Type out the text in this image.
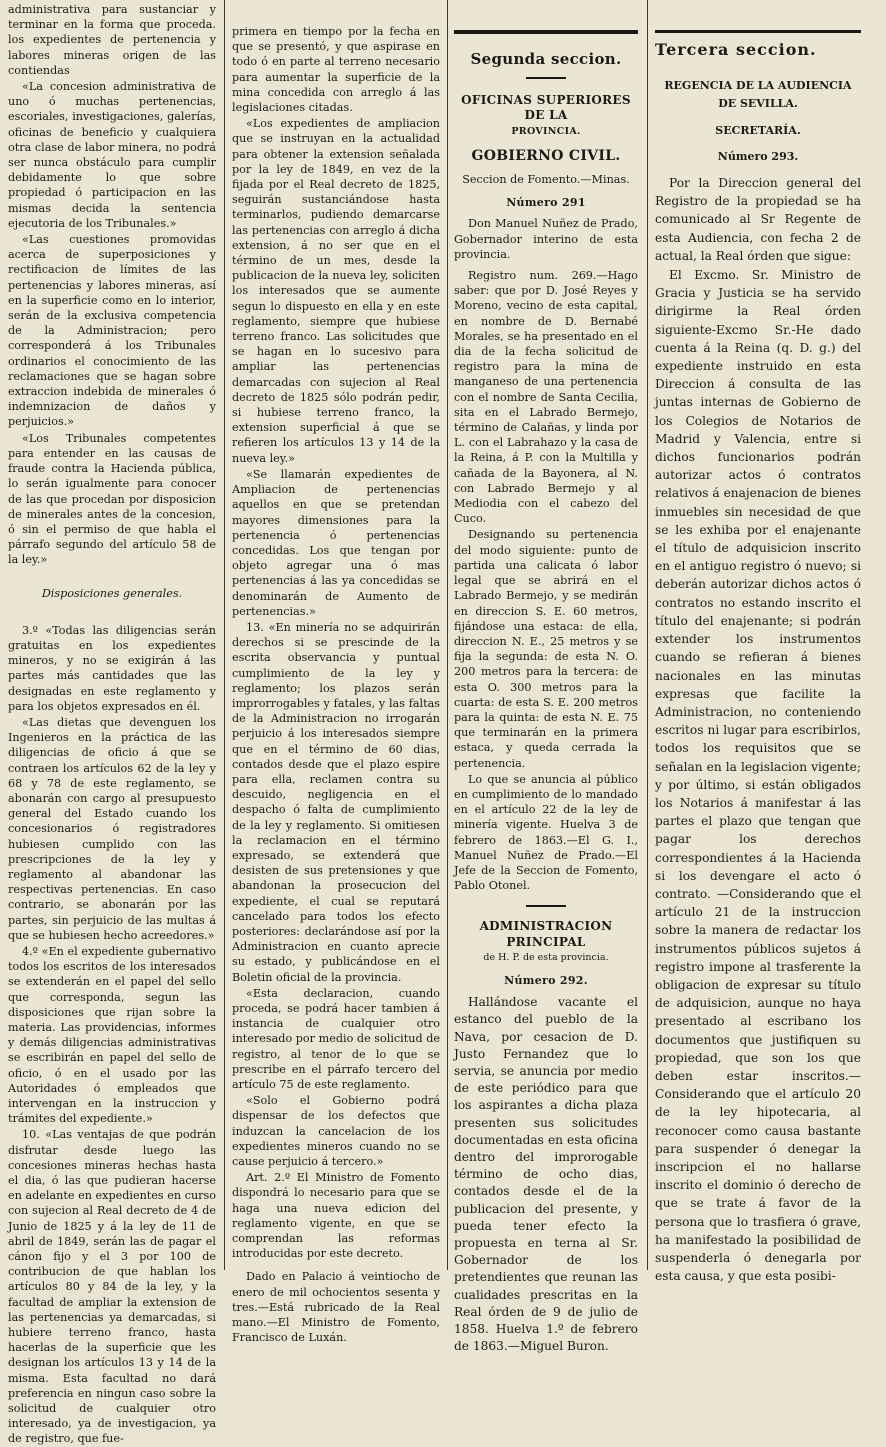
administrativa para sustanciar y terminar en la forma que proceda. los expedientes de pertenencia y labores mineras origen de las contiendas

«La concesion administrativa de uno ó muchas pertenencias, escoriales, investigaciones, galerías, oficinas de beneficio y cualquiera otra clase de labor minera, no podrá ser nunca obstáculo para cumplir debidamente lo que sobre propiedad ó participacion en las mismas decida la sentencia ejecutoria de los Tribunales.»

«Las cuestiones promovidas acerca de superposiciones y rectificacion de límites de las pertenencias y labores mineras, así en la superficie como en lo interior, serán de la exclusiva competencia de la Administracion; pero corresponderá á los Tribunales ordinarios el conocimiento de las reclamaciones que se hagan sobre extraccion indebida de minerales ó indemnizacion de daños y perjuicios.»

«Los Tribunales competentes para entender en las causas de fraude contra la Hacienda pública, lo serán igualmente para conocer de las que procedan por disposicion de minerales antes de la concesion, ó sin el permiso de que habla el párrafo segundo del artículo 58 de la ley.»

Disposiciones generales.

3.º «Todas las diligencias serán gratuitas en los expedientes mineros, y no se exigirán á las partes más cantidades que las designadas en este reglamento y para los objetos expresados en él.

«Las dietas que devenguen los Ingenieros en la práctica de las diligencias de oficio á que se contraen los artículos 62 de la ley y 68 y 78 de este reglamento, se abonarán con cargo al presupuesto general del Estado cuando los concesionarios ó registradores hubiesen cumplido con las prescripciones de la ley y reglamento al abandonar las respectivas pertenencias. En caso contrario, se abonarán por las partes, sin perjuicio de las multas á que se hubiesen hecho acreedores.»

4.º «En el expediente gubernativo todos los escritos de los interesados se extenderán en el papel del sello que corresponda, segun las disposiciones que rijan sobre la materia. Las providencias, informes y demás diligencias administrativas se escribirán en papel del sello de oficio, ó en el usado por las Autoridades ó empleados que intervengan en la instruccion y trámites del expediente.»

10. «Las ventajas de que podrán disfrutar desde luego las concesiones mineras hechas hasta el dia, ó las que pudieran hacerse en adelante en expedientes en curso con sujecion al Real decreto de 4 de Junio de 1825 y á la ley de 11 de abril de 1849, serán las de pagar el cánon fijo y el 3 por 100 de contribucion de que hablan los artículos 80 y 84 de la ley, y la facultad de ampliar la extension de las pertenencias ya demarcadas, si hubiere terreno franco, hasta hacerlas de la superficie que les designan los artículos 13 y 14 de la misma. Esta facultad no dará preferencia en ningun caso sobre la solicitud de cualquier otro interesado, ya de investigacion, ya de registro, que fue-

primera en tiempo por la fecha en que se presentó, y que aspirase en todo ó en parte al terreno necesario para aumentar la superficie de la mina concedida con arreglo á las legislaciones citadas.

«Los expedientes de ampliacion que se instruyan en la actualidad para obtener la extension señalada por la ley de 1849, en vez de la fijada por el Real decreto de 1825, seguirán sustanciándose hasta terminarlos, pudiendo demarcarse las pertenencias con arreglo á dicha extension, á no ser que en el término de un mes, desde la publicacion de la nueva ley, soliciten los interesados que se aumente segun lo dispuesto en ella y en este reglamento, siempre que hubiese terreno franco. Las solicitudes que se hagan en lo sucesivo para ampliar las pertenencias demarcadas con sujecion al Real decreto de 1825 sólo podrán pedir, si hubiese terreno franco, la extension superficial á que se refieren los artículos 13 y 14 de la nueva ley.»

«Se llamarán expedientes de Ampliacion de pertenencias aquellos en que se pretendan mayores dimensiones para la pertenencia ó pertenencias concedidas. Los que tengan por objeto agregar una ó mas pertenencias á las ya concedidas se denominarán de Aumento de pertenencias.»

13. «En minería no se adquirirán derechos si se prescinde de la escrita observancia y puntual cumplimiento de la ley y reglamento; los plazos serán improrrogables y fatales, y las faltas de la Administracion no irrogarán perjuicio á los interesados siempre que en el término de 60 dias, contados desde que el plazo espire para ella, reclamen contra su descuido, negligencia en el despacho ó falta de cumplimiento de la ley y reglamento. Si omitiesen la reclamacion en el término expresado, se extenderá que desisten de sus pretensiones y que abandonan la prosecucion del expediente, el cual se reputará cancelado para todos los efecto posteriores: declarándose así por la Administracion en cuanto aprecie su estado, y publicándose en el Boletin oficial de la provincia.

«Esta declaracion, cuando proceda, se podrá hacer tambien á instancia de cualquier otro interesado por medio de solicitud de registro, al tenor de lo que se prescribe en el párrafo tercero del artículo 75 de este reglamento.

«Solo el Gobierno podrá dispensar de los defectos que induzcan la cancelacion de los expedientes mineros cuando no se cause perjuicio á tercero.»

Art. 2.º El Ministro de Fomento dispondrá lo necesario para que se haga una nueva edicion del reglamento vigente, en que se comprendan las reformas introducidas por este decreto.

Dado en Palacio á veintiocho de enero de mil ochocientos sesenta y tres.—Está rubricado de la Real mano.—El Ministro de Fomento, Francisco de Luxán.

Segunda seccion.

OFICINAS SUPERIORES DE LA

PROVINCIA.

GOBIERNO CIVIL.

Seccion de Fomento.—Minas.

Número 291

Don Manuel Nuñez de Prado, Gobernador interino de esta provincia.

Registro num. 269.—Hago saber: que por D. José Reyes y Moreno, vecino de esta capital, en nombre de D. Bernabé Morales, se ha presentado en el dia de la fecha solicitud de registro para la mina de manganeso de una pertenencia con el nombre de Santa Cecilia, sita en el Labrado Bermejo, término de Calañas, y linda por L. con el Labrahazo y la casa de la Reina, á P. con la Multilla y cañada de la Bayonera, al N. con Labrado Bermejo y al Mediodia con el cabezo del Cuco.

Designando su pertenencia del modo siguiente: punto de partida una calicata ó labor legal que se abrirá en el Labrado Bermejo, y se medirán en direccion S. E. 60 metros, fijándose una estaca: de ella, direccion N. E., 25 metros y se fija la segunda: de esta N. O. 200 metros para la tercera: de esta O. 300 metros para la cuarta: de esta S. E. 200 metros para la quinta: de esta N. E. 75 que terminarán en la primera estaca, y queda cerrada la pertenencia.

Lo que se anuncia al público en cumplimiento de lo mandado en el artículo 22 de la ley de minería vigente. Huelva 3 de febrero de 1863.—El G. I., Manuel Nuñez de Prado.—El Jefe de la Seccion de Fomento, Pablo Otonel.

ADMINISTRACION PRINCIPAL

de H. P. de esta provincia.

Número 292.

Hallándose vacante el estanco del pueblo de la Nava, por cesacion de D. Justo Fernandez que lo servia, se anuncia por medio de este periódico para que los aspirantes a dicha plaza presenten sus solicitudes documentadas en esta oficina dentro del improrogable término de ocho dias, contados desde el de la publicacion del presente, y pueda tener efecto la propuesta en terna al Sr. Gobernador de los pretendientes que reunan las cualidades prescritas en la Real órden de 9 de julio de 1858. Huelva 1.º de febrero de 1863.—Miguel Buron.

Tercera seccion.

REGENCIA DE LA AUDIENCIA DE SEVILLA.

SECRETARÍA.

Número 293.

Por la Direccion general del Registro de la propiedad se ha comunicado al Sr Regente de esta Audiencia, con fecha 2 de actual, la Real órden que sigue:

El Excmo. Sr. Ministro de Gracia y Justicia se ha servido dirigirme la Real órden siguiente-Excmo Sr.-He dado cuenta á la Reina (q. D. g.) del expediente instruido en esta Direccion á consulta de las juntas internas de Gobierno de los Colegios de Notarios de Madrid y Valencia, entre si dichos funcionarios podrán autorizar actos ó contratos relativos á enajenacion de bienes inmuebles sin necesidad de que se les exhiba por el enajenante el título de adquisicion inscrito en el antiguo registro ó nuevo; si deberán autorizar dichos actos ó contratos no estando inscrito el título del enajenante; si podrán extender los instrumentos cuando se refieran á bienes nacionales en las minutas expresas que facilite la Administracion, no conteniendo escritos ni lugar para escribirlos, todos los requisitos que se señalan en la legislacion vigente; y por último, si están obligados los Notarios á manifestar á las partes el plazo que tengan que pagar los derechos correspondientes á la Hacienda si los devengare el acto ó contrato. —Considerando que el artículo 21 de la instruccion sobre la manera de redactar los instrumentos públicos sujetos á registro impone al trasferente la obligacion de expresar su título de adquisicion, aunque no haya presentado al escribano los documentos que justifiquen su propiedad, que son los que deben estar inscritos.—Considerando que el artículo 20 de la ley hipotecaria, al reconocer como causa bastante para suspender ó denegar la inscripcion el no hallarse inscrito el dominio ó derecho de que se trate á favor de la persona que lo trasfiera ó grave, ha manifestado la posibilidad de suspenderla ó denegarla por esta causa, y que esta posibi-
